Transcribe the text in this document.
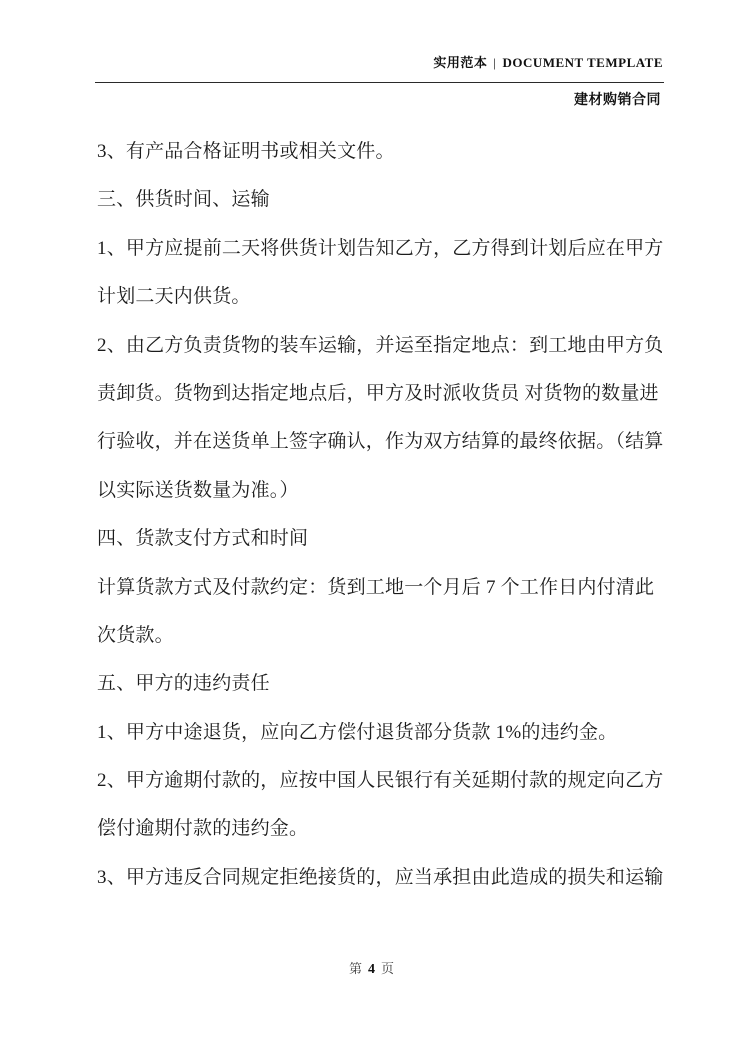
实用范本 | DOCUMENT TEMPLATE
建材购销合同
3、有产品合格证明书或相关文件。
三、供货时间、运输
1、甲方应提前二天将供货计划告知乙方，乙方得到计划后应在甲方
计划二天内供货。
2、由乙方负责货物的装车运输，并运至指定地点：到工地由甲方负
责卸货。货物到达指定地点后，甲方及时派收货员 对货物的数量进
行验收，并在送货单上签字确认，作为双方结算的最终依据。（结算
以实际送货数量为准。）
四、货款支付方式和时间
计算货款方式及付款约定：货到工地一个月后 7 个工作日内付清此
次货款。
五、甲方的违约责任
1、甲方中途退货，应向乙方偿付退货部分货款 1%的违约金。
2、甲方逾期付款的，应按中国人民银行有关延期付款的规定向乙方
偿付逾期付款的违约金。
3、甲方违反合同规定拒绝接货的，应当承担由此造成的损失和运输
第 4 页
